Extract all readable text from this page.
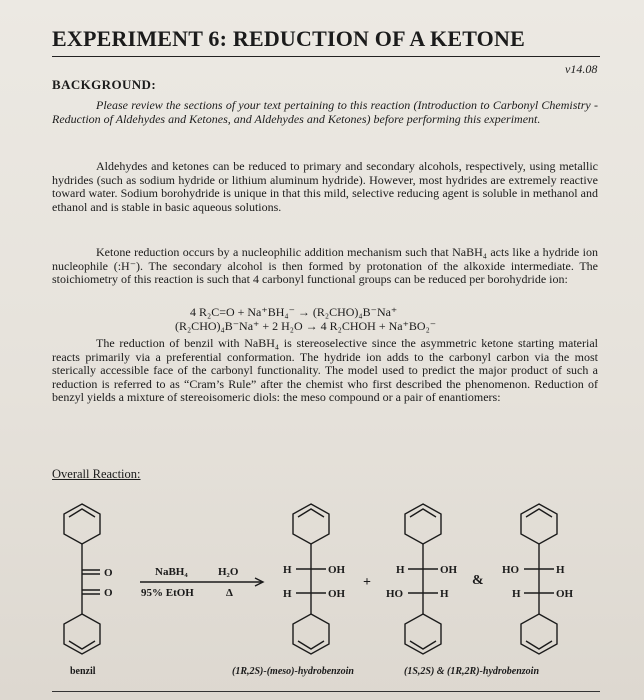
EXPERIMENT 6: REDUCTION OF A KETONE
v14.08
BACKGROUND:
Please review the sections of your text pertaining to this reaction (Introduction to Carbonyl Chemistry - Reduction of Aldehydes and Ketones, and Aldehydes and Ketones) before performing this experiment.
Aldehydes and ketones can be reduced to primary and secondary alcohols, respectively, using metallic hydrides (such as sodium hydride or lithium aluminum hydride). However, most hydrides are extremely reactive toward water. Sodium borohydride is unique in that this mild, selective reducing agent is soluble in methanol and ethanol and is stable in basic aqueous solutions.
Ketone reduction occurs by a nucleophilic addition mechanism such that NaBH₄ acts like a hydride ion nucleophile (:H⁻). The secondary alcohol is then formed by protonation of the alkoxide intermediate. The stoichiometry of this reaction is such that 4 carbonyl functional groups can be reduced per borohydride ion:
4 R₂C=O + Na⁺BH₄⁻ → (R₂CHO)₄B⁻Na⁺
(R₂CHO)₄B⁻Na⁺ + 2 H₂O → 4 R₂CHOH + Na⁺BO₂⁻
The reduction of benzil with NaBH₄ is stereoselective since the asymmetric ketone starting material reacts primarily via a preferential conformation. The hydride ion adds to the carbonyl carbon via the most sterically accessible face of the carbonyl functionality. The model used to predict the major product of such a reduction is referred to as “Cram’s Rule” after the chemist who first described the phenomenon. Reduction of benzyl yields a mixture of stereoisomeric diols: the meso compound or a pair of enantiomers:
Overall Reaction:
O
O
benzil
NaBH₄
95% EtOH
H₂O
Δ
H	OH
H	OH
(1R,2S)-(meso)-hydrobenzoin
+
H	OH
HO	H
&
HO	H
H	OH
(1S,2S) & (1R,2R)-hydrobenzoin
